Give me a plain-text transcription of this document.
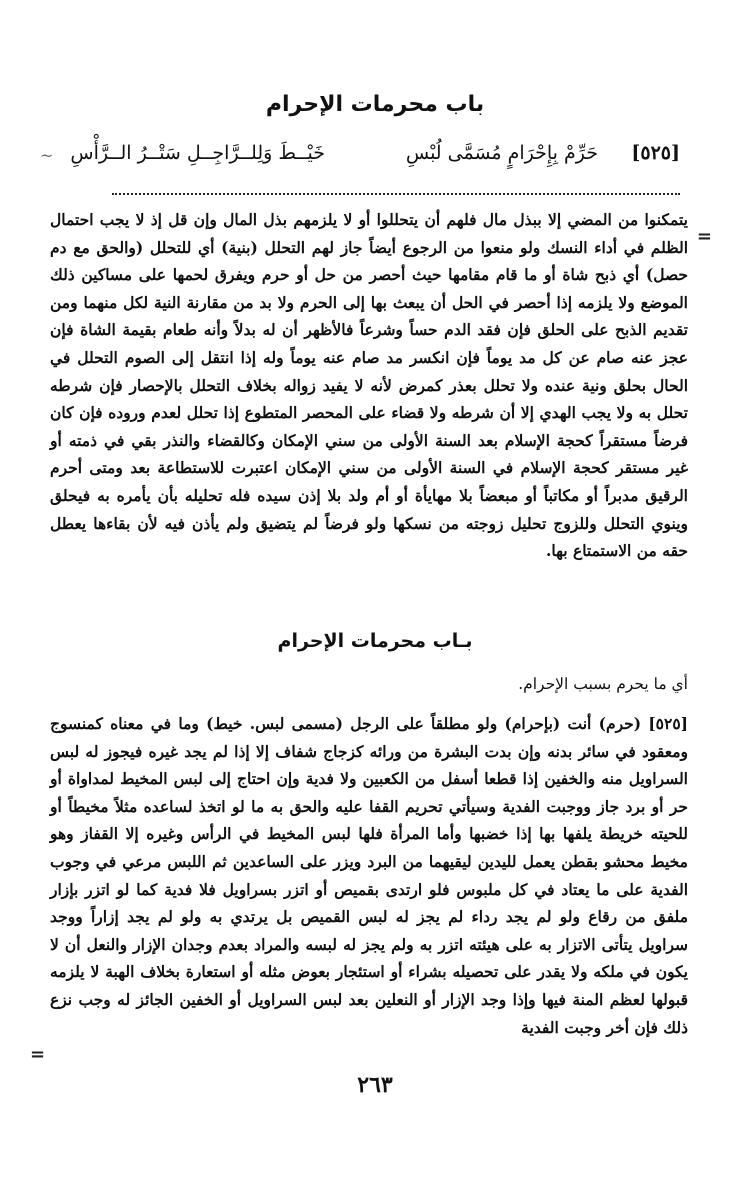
باب محرمات الإحرام
[٥٢٥]
حَرِّمْ بِإِحْرَامٍ مُسَمَّى لُبْسِ
خَيْــطَ وَلِلــرَّاجِــلِ سَتْــرُ الــرَّأْسِ
~
=
يتمكنوا من المضي إلا ببذل مال فلهم أن يتحللوا أو لا يلزمهم بذل المال وإن قل إذ لا يجب احتمال الظلم في أداء النسك ولو منعوا من الرجوع أيضاً جاز لهم التحلل (بنية) أي للتحلل (والحق مع دم حصل) أي ذبح شاة أو ما قام مقامها حيث أحصر من حل أو حرم ويفرق لحمها على مساكين ذلك الموضع ولا يلزمه إذا أحصر في الحل أن يبعث بها إلى الحرم ولا بد من مقارنة النية لكل منهما ومن تقديم الذبح على الحلق فإن فقد الدم حساً وشرعاً فالأظهر أن له بدلاً وأنه طعام بقيمة الشاة فإن عجز عنه صام عن كل مد يوماً فإن انكسر مد صام عنه يوماً وله إذا انتقل إلى الصوم التحلل في الحال بحلق ونية عنده ولا تحلل بعذر كمرض لأنه لا يفيد زواله بخلاف التحلل بالإحصار فإن شرطه تحلل به ولا يجب الهدي إلا أن شرطه ولا قضاء على المحصر المتطوع إذا تحلل لعدم وروده فإن كان فرضاً مستقراً كحجة الإسلام بعد السنة الأولى من سني الإمكان وكالقضاء والنذر بقي في ذمته أو غير مستقر كحجة الإسلام في السنة الأولى من سني الإمكان اعتبرت للاستطاعة بعد ومتى أحرم الرقيق مدبراً أو مكاتباً أو مبعضاً بلا مهايأة أو أم ولد بلا إذن سيده فله تحليله بأن يأمره به فيحلق وينوي التحلل وللزوج تحليل زوجته من نسكها ولو فرضاً لم يتضيق ولم يأذن فيه لأن بقاءها يعطل حقه من الاستمتاع بها.
بـاب محرمات الإحرام
أي ما يحرم بسبب الإحرام.
[٥٢٥] (حرم) أنت (بإحرام) ولو مطلقاً على الرجل (مسمى لبس. خيط) وما في معناه كمنسوج ومعقود في سائر بدنه وإن بدت البشرة من ورائه كزجاج شفاف إلا إذا لم يجد غيره فيجوز له لبس السراويل منه والخفين إذا قطعا أسفل من الكعبين ولا فدية وإن احتاج إلى لبس المخيط لمداواة أو حر أو برد جاز ووجبت الفدية وسيأتي تحريم القفا عليه والحق به ما لو اتخذ لساعده مثلاً مخيطاً أو للحيته خريطة يلفها بها إذا خضبها وأما المرأة فلها لبس المخيط في الرأس وغيره إلا القفاز وهو مخيط محشو بقطن يعمل لليدين ليقيهما من البرد ويزر على الساعدين ثم اللبس مرعي في وجوب الفدية على ما يعتاد في كل ملبوس فلو ارتدى بقميص أو اتزر بسراويل فلا فدية كما لو اتزر بإزار ملفق من رقاع ولو لم يجد رداء لم يجز له لبس القميص بل يرتدي به ولو لم يجد إزاراً ووجد سراويل يتأتى الاتزار به على هيئته اتزر به ولم يجز له لبسه والمراد بعدم وجدان الإزار والنعل أن لا يكون في ملكه ولا يقدر على تحصيله بشراء أو استئجار بعوض مثله أو استعارة بخلاف الهبة لا يلزمه قبولها لعظم المنة فيها وإذا وجد الإزار أو النعلين بعد لبس السراويل أو الخفين الجائز له وجب نزع ذلك فإن أخر وجبت الفدية
=
٢٦٣
